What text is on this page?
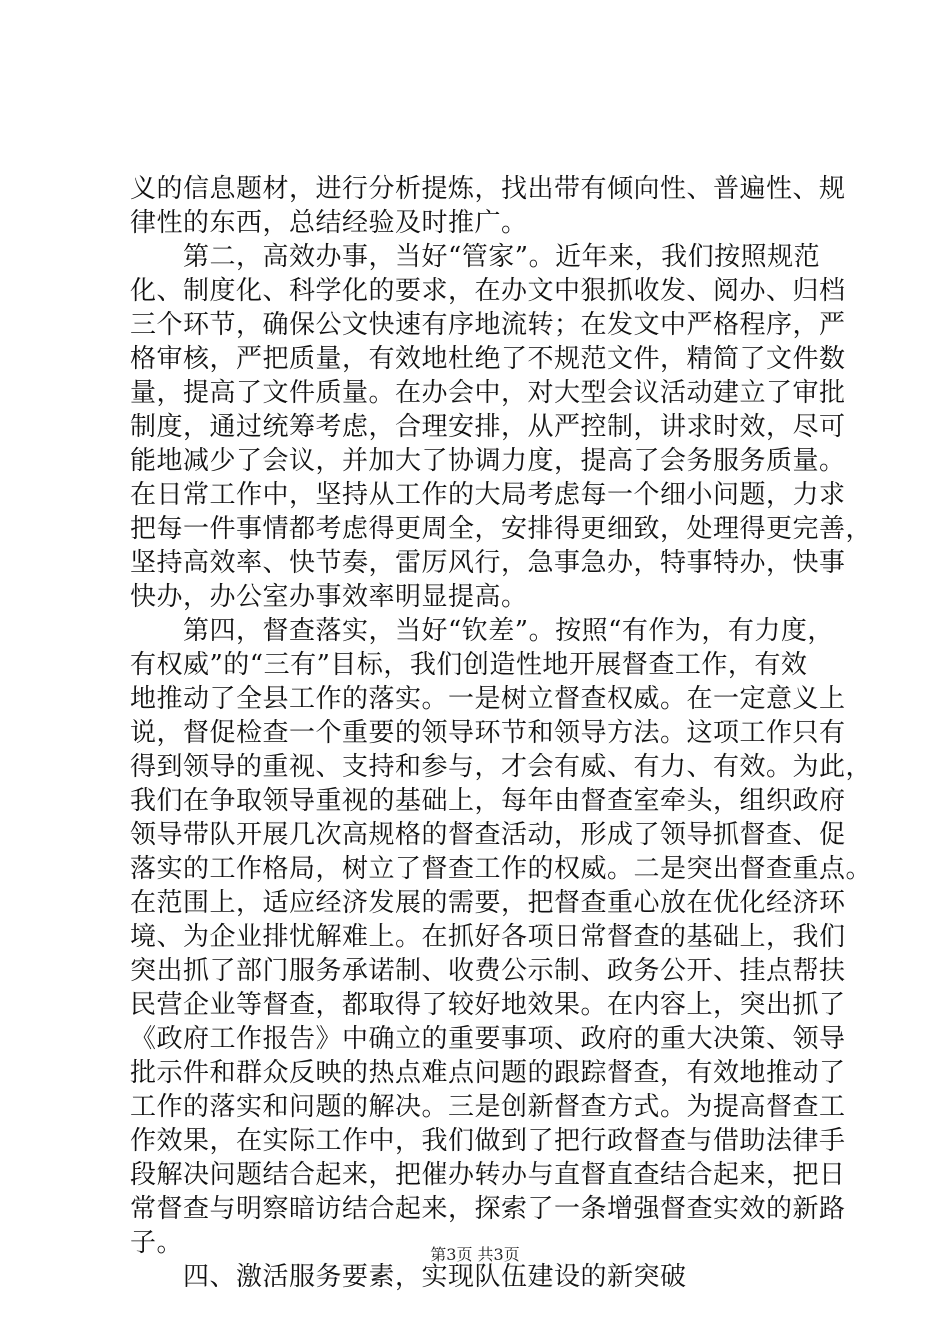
义的信息题材，进行分析提炼，找出带有倾向性、普遍性、规
律性的东西，总结经验及时推广。
　　第二，高效办事，当好“管家”。近年来，我们按照规范
化、制度化、科学化的要求，在办文中狠抓收发、阅办、归档
三个环节，确保公文快速有序地流转；在发文中严格程序，严
格审核，严把质量，有效地杜绝了不规范文件，精简了文件数
量，提高了文件质量。在办会中，对大型会议活动建立了审批
制度，通过统筹考虑，合理安排，从严控制，讲求时效，尽可
能地减少了会议，并加大了协调力度，提高了会务服务质量。
在日常工作中，坚持从工作的大局考虑每一个细小问题，力求
把每一件事情都考虑得更周全，安排得更细致，处理得更完善，
坚持高效率、快节奏，雷厉风行，急事急办，特事特办，快事
快办，办公室办事效率明显提高。
　　第四，督查落实，当好“钦差”。按照“有作为，有力度，
有权威”的“三有”目标，我们创造性地开展督查工作，有效
地推动了全县工作的落实。一是树立督查权威。在一定意义上
说，督促检查一个重要的领导环节和领导方法。这项工作只有
得到领导的重视、支持和参与，才会有威、有力、有效。为此，
我们在争取领导重视的基础上，每年由督查室牵头，组织政府
领导带队开展几次高规格的督查活动，形成了领导抓督查、促
落实的工作格局，树立了督查工作的权威。二是突出督查重点。
在范围上，适应经济发展的需要，把督查重心放在优化经济环
境、为企业排忧解难上。在抓好各项日常督查的基础上，我们
突出抓了部门服务承诺制、收费公示制、政务公开、挂点帮扶
民营企业等督查，都取得了较好地效果。在内容上，突出抓了
《政府工作报告》中确立的重要事项、政府的重大决策、领导
批示件和群众反映的热点难点问题的跟踪督查，有效地推动了
工作的落实和问题的解决。三是创新督查方式。为提高督查工
作效果，在实际工作中，我们做到了把行政督查与借助法律手
段解决问题结合起来，把催办转办与直督直查结合起来，把日
常督查与明察暗访结合起来，探索了一条增强督查实效的新路
子。
　　四、激活服务要素，实现队伍建设的新突破
第3页 共3页
